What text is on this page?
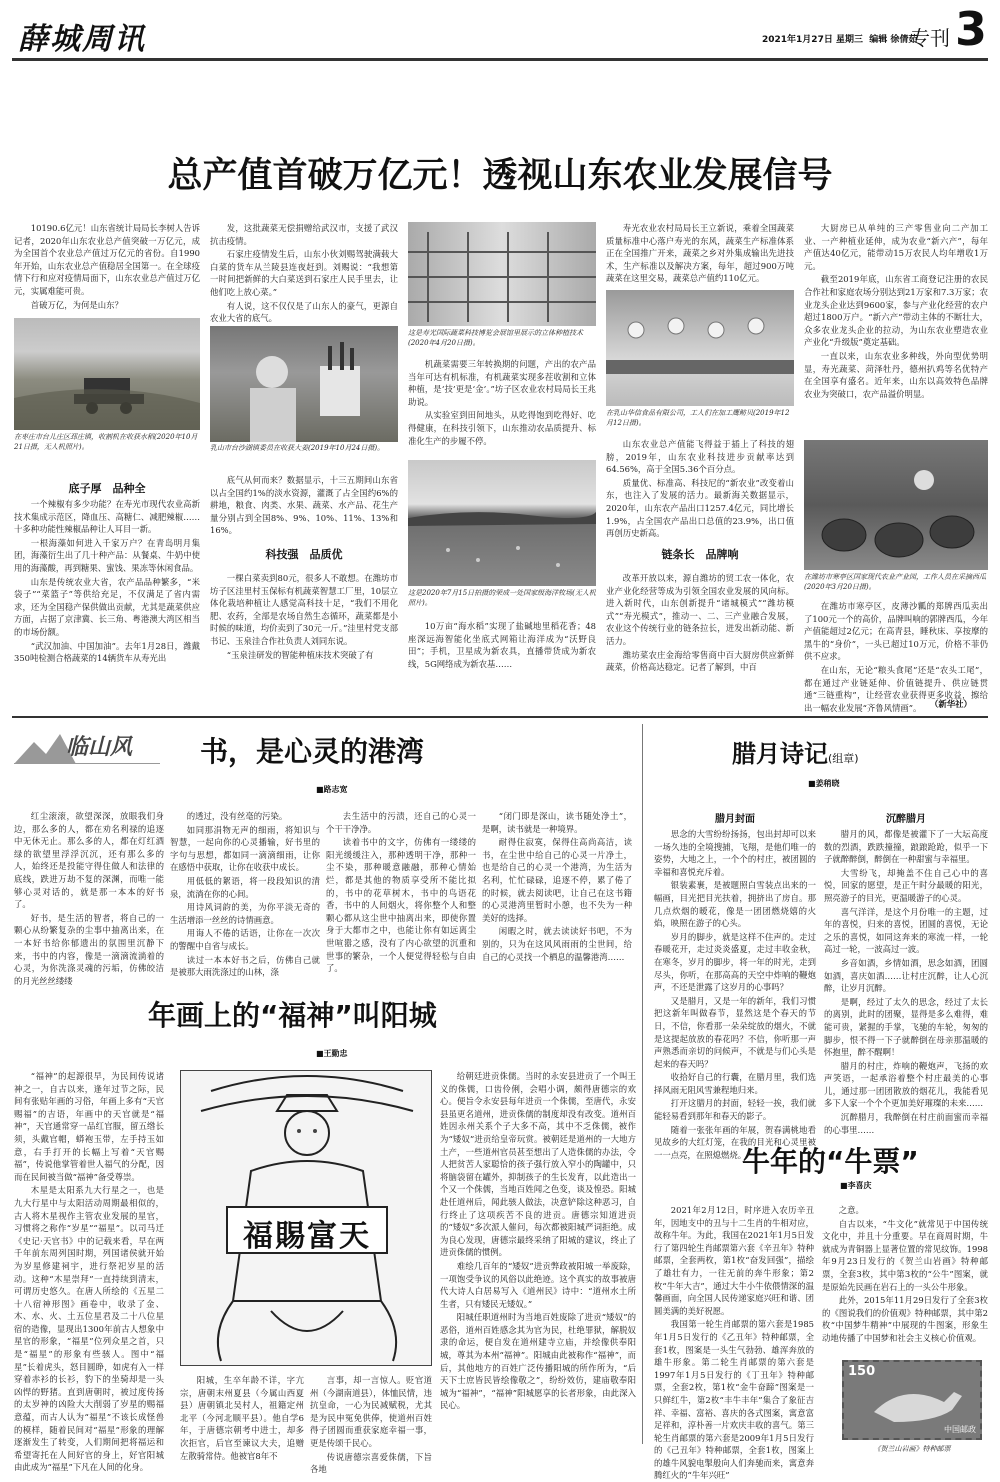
薛城周讯	2021年1月27日 星期三 编辑 徐倩茹
专刊 3
总产值首破万亿元！透视山东农业发展信号

10190.6亿元！山东省统计局局长李树人告诉记者，2020年山东农业总产值突破一万亿元，成为全国首个农业总产值过万亿元的省份。自1990年开始，山东农业总产值稳居全国第一。在全球疫情下行和应对疫情局面下，山东农业总产值过万亿元，实属难能可贵。

首破万亿，为何是山东？

在枣庄市台儿庄区邳庄镇，收割机在收获水稻(2020年10月21日摄，无人机照片)。
底子厚　品种全

一个辣椒有多少功能？在寿光市现代农业高新技术集成示范区，降血压、高糖仁、减肥辣椒……十多种功能性辣椒品种让人耳目一新。

一根海藻如何进入千家万户？在青岛明月集团，海藻衍生出了几十种产品：从餐桌、牛奶中使用的海藻酸，再到糖果、蜜饯、果冻等休闲食品。

山东是传统农业大省，农产品品种繁多，“米袋子”“菜篮子”等供给充足，不仅满足了省内需求，还为全国稳产保供做出贡献，尤其是蔬菜供应方面，占据了京津冀、长三角、粤港澳大湾区相当的市场份额。

“武汉加油、中国加油”。去年1月28日，潍戴350吨检测合格蔬菜的14辆货车从寿光出

发，这批蔬菜无偿捐赠给武汉市，支援了武汉抗击疫情。

石家庄疫情发生后，山东小伙刘赐驾驶满载大白菜的货车从兰陵县连夜赶到。刘赐说：“我想第一时间把新鲜的大白菜送到石家庄人民手里去，让他们吃上放心菜。”

有人说，这不仅仅是了山东人的豪气，更源自农业大省的底气。

乳山市台沙湖镇委员在收获大姜(2019年10月24日摄)。

底气从何而来？数据显示，十三五期间山东省以占全国约1%的淡水资源，灌溉了占全国约6%的耕地，粮食、肉类、水果、蔬菜、水产品、花生产量分别占到全国8%、9%、10%、11%、13%和16%。

科技强　品质优

一棵白菜卖到80元，很多人不敢想。在潍坊市坊子区洼里村玉保标有机蔬菜智慧工厂里，10层立体化栽培种植让人感觉高科技十足，“我们不用化肥、农药，全部是农场自然生态循环，蔬菜都是小时候的味道，均价卖到了30元一斤。”洼里村党支部书记、玉泉洼合作社负责人刘同东说。

“玉泉洼研发的智能种植床技术突破了有

这是寿光国际蔬菜科技博览会展馆里展示的立体种植技术(2020年4月20日摄)。

机蔬菜需要三年转换期的问题，产出的农产品当年可达有机标准，有机蔬菜实现多茬收割和立体种植，是‘技’更是‘金’。”坊子区农业农村局局长王兆助说。

从实验室到田间地头，从吃得饱到吃得好、吃得健康，在科技引领下，山东推动农品质提升、标准化生产的步履不停。

这是2020年7月15日拍摄的荣成一处国家级海洋牧场(无人机照片)。

10万亩“海水稻”实现了盐碱地里稻花香；48座深远海智能化坐底式网箱让海洋成为“沃野良田”；手机，卫星成为新农具，直播带货成为新农线，5G网络成为新农基……

寿光农业农村局局长王立新说，乘着全国蔬菜质量标准中心落户寿光的东风，蔬菜生产标准体系正在全国推广开来，蔬菜之乡对外集成输出先进技术，生产标准以及解决方案，每年，超过900万吨蔬菜在这里交易，蔬菜总产值约110亿元。

在乳山华信食品有限公司，工人们在加工鹰鲂贝(2019年12月12日摄)。

山东农业总产值能飞得益于插上了科技的翅膀，2019年，山东农业科技进步贡献率达到64.56%，高于全国5.36个百分点。

质量优、标准高、科技尼的“新农业”改变着山东，也注入了发展的活力。最新海关数据显示，2020年，山东农产品出口1257.4亿元，同比增长1.9%，占全国农产品出口总值的23.9%，出口值再创历史新高。

链条长　品牌响

改革开放以来，源自潍坊的贸工农一体化，农业产业化经营等成为引领全国农业发展的风向标。进入新时代，山东创新提升“诸城模式”“潍坊模式”“寿光模式”，推动一、二、三产业融合发展，农业这个传统行业的链条拉长，迸发出新动能、新活力。

潍坊菜农庄金海给零售商中百大厨房供应新鲜蔬菜，价格高达稳定。记者了解到，中百

大厨房已从单纯的三产零售业向二产加工业、一产种植业延伸，成为农业“新六产”，每年产值达40亿元，能带动15万农民人均年增收1万元。

截至2019年底，山东省工商登记注册的农民合作社和家庭农场分别达到21万家和7.3万家；农业龙头企业达到9600家，参与产业化经营的农户超过1800万户。“新六产”带动主体的不断壮大，众多农业龙头企业的拉动，为山东农业塑造农业产业化“升级版”奠定基础。

一直以来，山东农业多种线，外向型优势明显，寿光蔬菜、菏泽牡丹，德州扒鸡等名优特产在全国享有盛名。近年来，山东以高效特色品牌农业为突破口，农产品溢价明显。

在潍坊市寒亭区国家现代农业产业园，工作人员在采摘西瓜(2020年3月20日摄)。

在潍坊市寒亭区，皮薄沙瓤的郑牌西瓜卖出了100元一个的高价，品牌叫响的郭牌西瓜，今年产值能超过2亿元；在高青县，睡秋床、享按摩的黑牛的“身价”，一头已超过10万元，价格不菲仍供不应求。

在山东，无论“粮头食尾”还是“农头工尾”，都在通过产业链延伸、价值链提升、供应链贯通“三链重构”，让经营农业获得更多收益，擦给出一幅农业发展“齐鲁风情画”。	（新华社）
临山风 书，是心灵的港湾
■路志宽

红尘滚滚，欲望深深，放眼我们身边，那么多的人，都在劝名利禄的追逐中无休无止。那么多的人，都在灯红酒绿的欲望里浮浮沉沉，还有那么多的人，始终还是投能守得住做人和法律的底线，跌进万劫不复的深渊，而唯一能够心灵对话的，就是那一本本的好书了。

好书，是生活的智者，将自己的一颗心从纷繁复杂的尘事中抽离出来，在一本好书给你郁遗出的氛围里沉静下来，书中的内容，像是一滴滴流淌着的心灵，为你洗涤灵魂的污垢，仿佛皎洁的月光丝丝缕缕

的透过，没有丝毫的污染。

如同那涓物无声的细雨，将知识与智慧，一起向你的心灵播输，好书里的字句与思想，都如同一滴滴细雨，让你在感悟中获取，让你在收获中成长。

用低低的絮语，将一段段知识的清泉，流淌在你的心间。

用诗风词韵的美，为你平淡无奇的生活增添一丝丝的诗情画意。

用诲人不倦的话语，让你在一次次的警醒中自省与成长。

读过一本本好书之后，仿佛自己就是被那大雨洗涤过的山林，涤

去生活中的污渍，还自己的心灵一个干干净净。

读着书中的文字，仿佛有一缕缕的阳光缓缓注入，那种透明干净，那种一尘不染，那种暖意融融，那种心情始烂，都是其他的物质享受所不能比拟的，书中的花草树木，书中的鸟语花香，书中的人间烟火，将你整个人和整颗心都从这尘世中抽离出来，即使你置身于大都市之中，也能让你有如远离尘世喧嚣之感，没有了内心欲望的沉重和世事的繁杂，一个人便觉得轻松与自由了。

“闭门即是深山，读书随处净土”，是啊，读书就是一种境界。

耐得住寂寞，保得住高尚高洁，读书，在尘世中给自己的心灵一片净土，也是给自己的心灵一个港湾，为生活为名利，忙忙碌碌，追逐不停，累了倦了的时候，就去阅读吧，让自己在这书籍的心灵港湾里暂时小憩，也不失为一种美好的选择。

闲暇之时，就去读读好书吧，不为别的，只为在这风风雨雨的尘世间，给自己的心灵找一个栖息的温馨港湾……

年画上的“福神”叫阳城
■王勤忠

“福神”的起源很早，为民间传说诸神之一，自古以来，逢年过节之际，民间有张贴年画的习俗，年画上多有“天官赐福”的吉语，年画中的天官就是“福神”，天官通常穿一品红官服，留五绺长须，头戴官帽，蟒袍玉带，左手持玉如意，右手打开的长幅上写着“天官赐福”，传说他掌管着世人福气的分配，因而在民间被当做“福神”备受尊崇。

木星是太阳系九大行星之一，也是九大行星中与太阳活动周期最相似的，古人将木星视作主管农业发展的星官，习惯将之称作“岁星”“福星”。以司马迁《史记·天官书》中的记载来看，早在两千年前东周列国时期，列国诸侯就开始为岁星修建祠宇，进行祭祀岁星的活动。这种“木星崇拜”一直持续到清末，可谓历史悠久。在唐人所绘的《五星二十八宿神形图》画卷中，收录了金、木、水、火、土五位星君及二十八位星宿的造像，显现出1300年前古人想象中星官的形象，“福星”位列众星之首，只是“福星”的形象有些骇人。图中“福星”长着虎头，怒目圆睁，如虎有入一样穿着赤衫的长衫，豹下的坐骑却是一头凶悍的野猪。直到唐朝时，被过度传扬的太岁神的凶险大大削弱了岁星的赐福意蕴，而古人认为“福星”不该长成怪兽的模样，随着民间对“福星”形象的理解逐渐发生了转变，人们期间把将福运和希望寄托在人间好官的身上，好官阳城由此成为“福星”下凡在人间的化身。

福賜富天

阳城，生卒年龄不详，字亢宗，唐朝末州夏县（今属山西夏县）唐朝镇北吴村人，祖籍定州北平（今河北顺平县）。他自学6年，于唐德宗朝考中进士，却多次拒官，后官至谏议大夫，追赠左散骑常侍。他被官8年不

言事，却一言惊人。贬官道州（今湖南道县），体恤民情，违抗皇命，一心为民减赋税，尤其是为民申冤免供俸，使道州百姓得子团圆而重获家庭幸福一事，更是传颂千民心。

传说唐德宗喜爱侏儒，下旨各地

给朝廷进贡侏儒。当时的永安县进贡了一个叫王义的侏儒，口齿伶俐，会唱小调，颇得唐德宗的欢心。便旨令永安县每年进贡一个侏儒，至唐代，永安县虽更名道州，进贡侏儒的制度却没有改变。道州百姓因永州关系个子大多不高，其中不乏侏儒，被作为“矮奴”进贡给皇帝玩赏。被朝廷是道州的一大地方土产，一些道州官员甚至想出了人造侏儒的办法，令人把贫苦人家聪恰的孩子强行放入窄小的陶罐中，只将脑袋留在罐外，抑制孩子的生长发育，以此造出一个又一个侏儒，当地百姓闻之色变，谈及惶恐。阳城赴任道州后，闻此骇人做法，决意铲除这种恶习，自行终止了这项疾苦不良的进贡。唐德宗知道进贡的“矮奴”多次派人催问，每次都被阳城严词拒绝。成为良心发现，唐德宗最终采纳了阳城的建议，终止了进贡侏儒的惯例。

难绘几百年的“矮奴”进贡弊政被阳城一举废除，一项饱受争议的风俗以此绝迹。这个真实的故事被唐代大诗人白居易写入《道州民》诗中：“道州水土所生者，只有矮民无矮奴。”

阳城任职道州时为当地百姓废除了进贡“矮奴”的恶俗，道州百姓感念其为官为民，杜绝罪狱，解脱奴隶的命运，便自发在道州建寺立庙，并绘像供奉阳城，尊其为本州“福神”。阳城由此被称作“福神”，而后，其他地方的百姓广泛传播阳城的所作所为，“后天下士庶皆民皆绘像敬之”，纷纷效仿，建庙敬奉阳城为“福神”，“福神”阳城愿享的长者形象，由此深入民心。

腊月诗记(组章)
■姜稍晓
腊月封面

思念的大雪纷纷扬扬，包出封却可以来一场久违的全境搜捕，飞翔，是他们唯一的姿势，大地之上，一个个的村庄，被团圆的幸福和喜悦充斥着。

银装素裹，是被题照白雪装点出来的一幅画，目光把目光扶着，拥挤出了房自。那几点炊烟的暧花，像是一团团燃烧嬉的火焰，映照在游子的心头。

岁月的脚步，就是这样不住声的。走过春暖花开，走过炎炎盛夏，走过丰收金秋，在寒冬，岁月的脚步，将一年的时光，走到尽头，你听，在那高高的天空中炸响的鞭炮声，不还是泄露了这岁月的心事吗？

又是腊月，又是一年的新年，我们习惯把这新年叫做春节，显然这是个春天的节日，不信，你看那一朵朵绽放的烟火，不就是这提起放放的春花吗？不信，你听那一声声熟悉而亲切的问候声，不就是与们心头是起来的春天吗？

收拾好自己的行囊，在腊月里，我们选择风雨无阻风雪兼程地归来。

打开这腊月的封面，轻轻一挨，我们就能轻易看到那年和春天的影子。

随着一张张年画的年展，贺春满桃地看见故乡的大红灯笼，在我的目光和心灵里被一一点亮，在照熄燃烧。

沉醉腊月

腊月的风，都像是被灌下了一大坛高度数的烈酒，跌跌撞撞，踉踉跄跄，似乎一下子就醉醉倒，醉倒在一种甜蜜与幸福里。

大雪纷飞，却掩盖不住自己心中的喜悦，回家的愿望，是正午时分最暖的阳光，照亮游子的目光，更温暖游子的心灵。

喜气洋洋，是这个月份唯一的主题，过年的喜悦，归来的喜悦，团圆的喜悦，无论之乐的喜悦，如同这奔来的寒流一样，一轮高过一轮，一波高过一波。

乡音如酒，乡情如酒，思念如酒，团圆如酒，喜庆如酒……让村庄沉醉，让人心沉醉，让岁月沉醉。

是啊，经过了太久的思念，经过了太长的离别，此时的团聚，显得是多么难得，难能可贵，紧握的手掌，飞驰的车轮，匆匆的脚步，恨不得一下子就醉倒在母亲那温暖的怀抱里，醉不醒啊！

腊月的村庄，炸响的鞭炮声，飞扬的欢声笑语，一起承浴着整个村庄最美的心事儿，通过那一团团散放的烟花儿，我能看见多下人家一个个个更加美好璀璨的未来……

沉醉腊月，我醉倒在村庄前面蜜而幸福的心事里……

牛年的“牛票”
■李喜庆

2021年2月12日，时序进入农历辛丑年，因地支中的丑与十二生肖的牛相对应，故称牛年。为此，我国在2021年1月5日发行了第四轮生肖邮票第六套《辛丑年》特种邮票，全套两枚，第1枚“奋发回强”，描绘了雄壮有力，一往无前的奔牛形象；第2枚“牛年大吉”，通过大牛小牛依偎情深的温馨画面，向全国人民传递家庭兴旺和谐、团圆美满的美好祝愿。

我国第一轮生肖邮票的第六套是1985年1月5日发行的《乙丑年》特种邮票，全套1枚，图案是一头生气勃勃、雄浑奔放的雄牛形象。第二轮生肖邮票的第六套是1997年1月5日发行的《丁丑年》特种邮票，全套2枚，第1枚“金牛奋蹄”图案是一只鲜红牛，第2枚“丰牛丰年”集合了象征吉祥、幸福、富裕、喜庆的各式图案，寓意富足祥和，淳朴善一片欢庆丰收的喜气。第三轮生肖邮票的第六套是2009年1月5日发行的《己丑年》特种邮票，全套1枚，图案上的雄牛风貌电掣般向人们奔驰而来，寓意奔腾红火的“牛年兴旺”

之意。

自古以来，“牛文化”就常见于中国传统文化中，并且十分重要。早在商周时期，牛就成为青铜器上显著位置的常见纹饰。1998年9月23日发行的《贺兰山岩画》特种邮票，全套3枚，其中第3枚的“公牛”图案，就是原始先民画在岩石上的一头公牛形象。

此外，2015年11月29日发行了全套3枚的《图说我们的价值观》特种邮票，其中第2枚“中国梦牛精神”中展现的牛图案，形象生动地传播了中国梦和社会主义核心价值观。

150
中国邮政
《贺兰山岩画》特种邮票
